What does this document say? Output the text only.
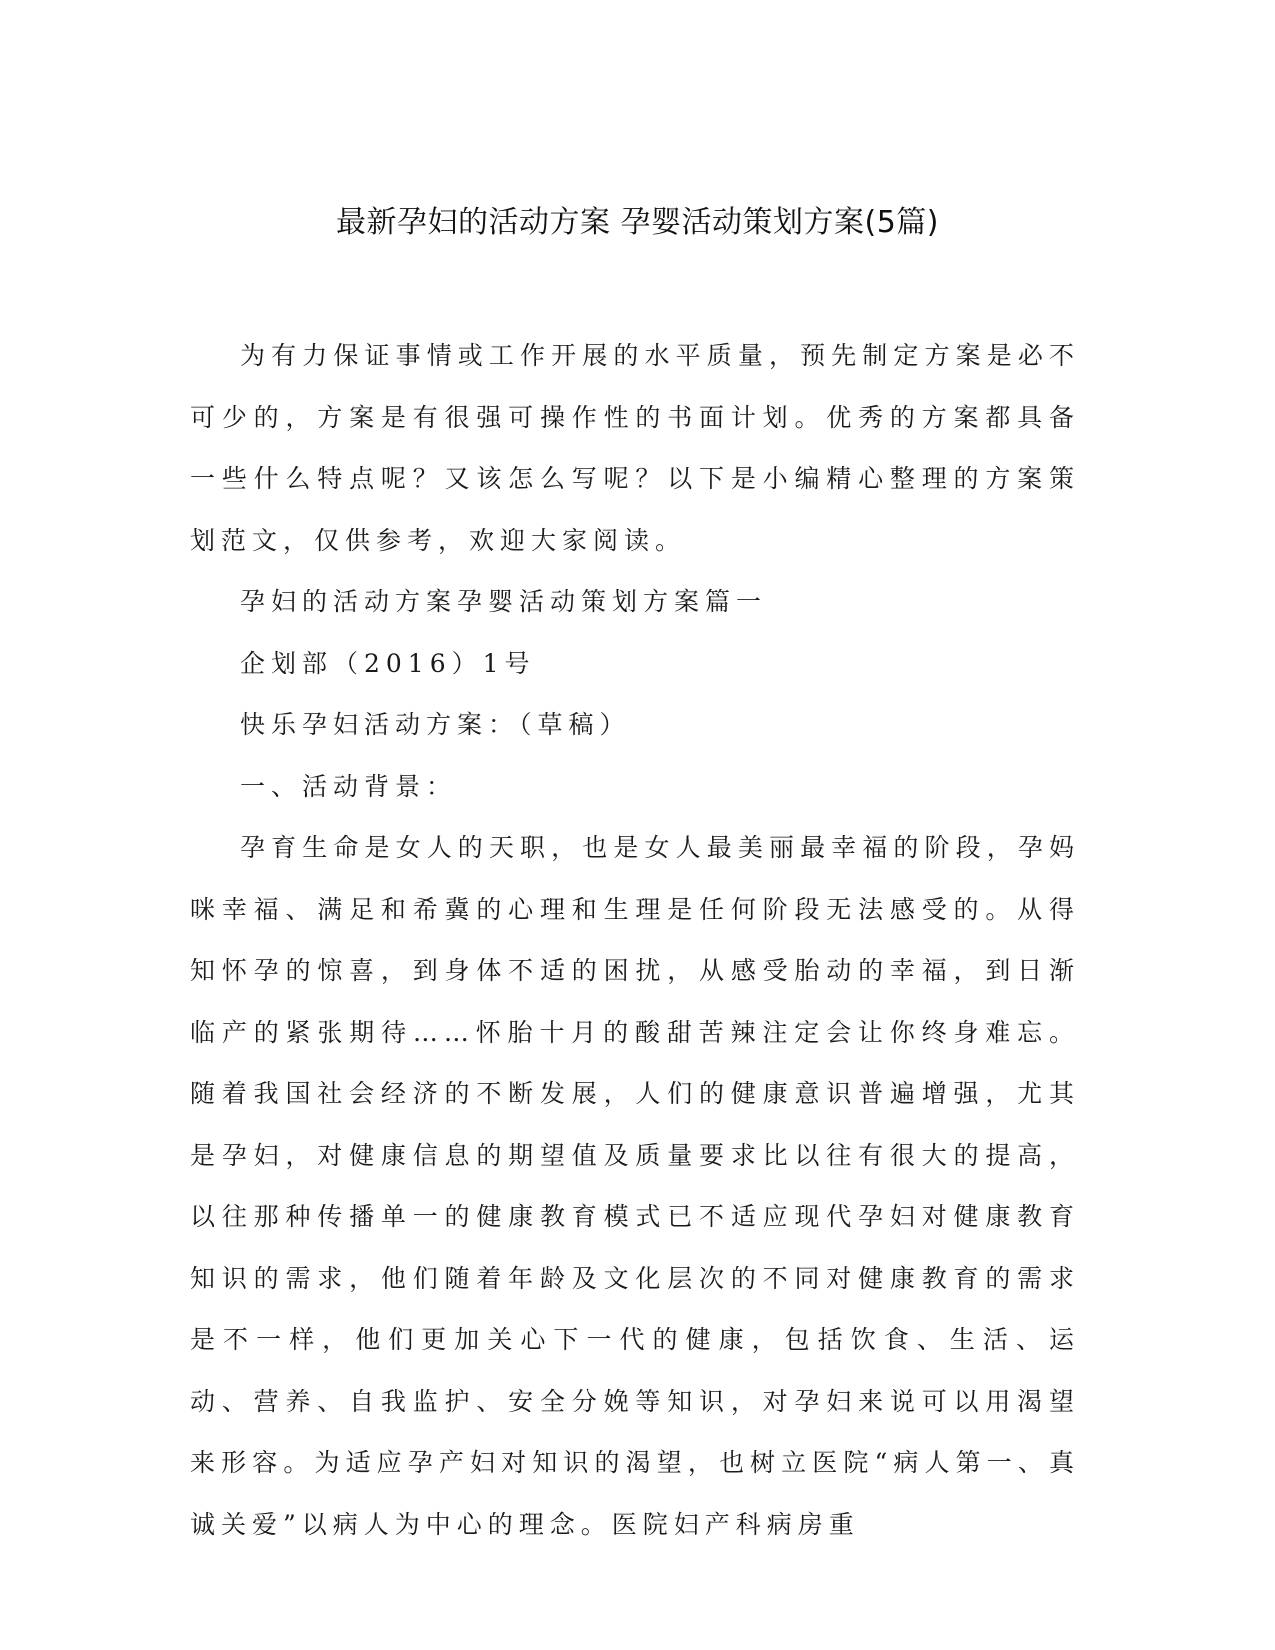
最新孕妇的活动方案 孕婴活动策划方案(5篇)

为有力保证事情或工作开展的水平质量，预先制定方案是必不可少的，方案是有很强可操作性的书面计划。优秀的方案都具备一些什么特点呢？又该怎么写呢？以下是小编精心整理的方案策划范文，仅供参考，欢迎大家阅读。

孕妇的活动方案孕婴活动策划方案篇一

企划部（2016）1号

快乐孕妇活动方案：（草稿）

一、活动背景：

孕育生命是女人的天职，也是女人最美丽最幸福的阶段，孕妈咪幸福、满足和希冀的心理和生理是任何阶段无法感受的。从得知怀孕的惊喜，到身体不适的困扰，从感受胎动的幸福，到日渐临产的紧张期待……怀胎十月的酸甜苦辣注定会让你终身难忘。随着我国社会经济的不断发展，人们的健康意识普遍增强，尤其是孕妇，对健康信息的期望值及质量要求比以往有很大的提高，以往那种传播单一的健康教育模式已不适应现代孕妇对健康教育知识的需求，他们随着年龄及文化层次的不同对健康教育的需求是不一样，他们更加关心下一代的健康，包括饮食、生活、运动、营养、自我监护、安全分娩等知识，对孕妇来说可以用渴望来形容。为适应孕产妇对知识的渴望，也树立医院“病人第一、真诚关爱”以病人为中心的理念。医院妇产科病房重
